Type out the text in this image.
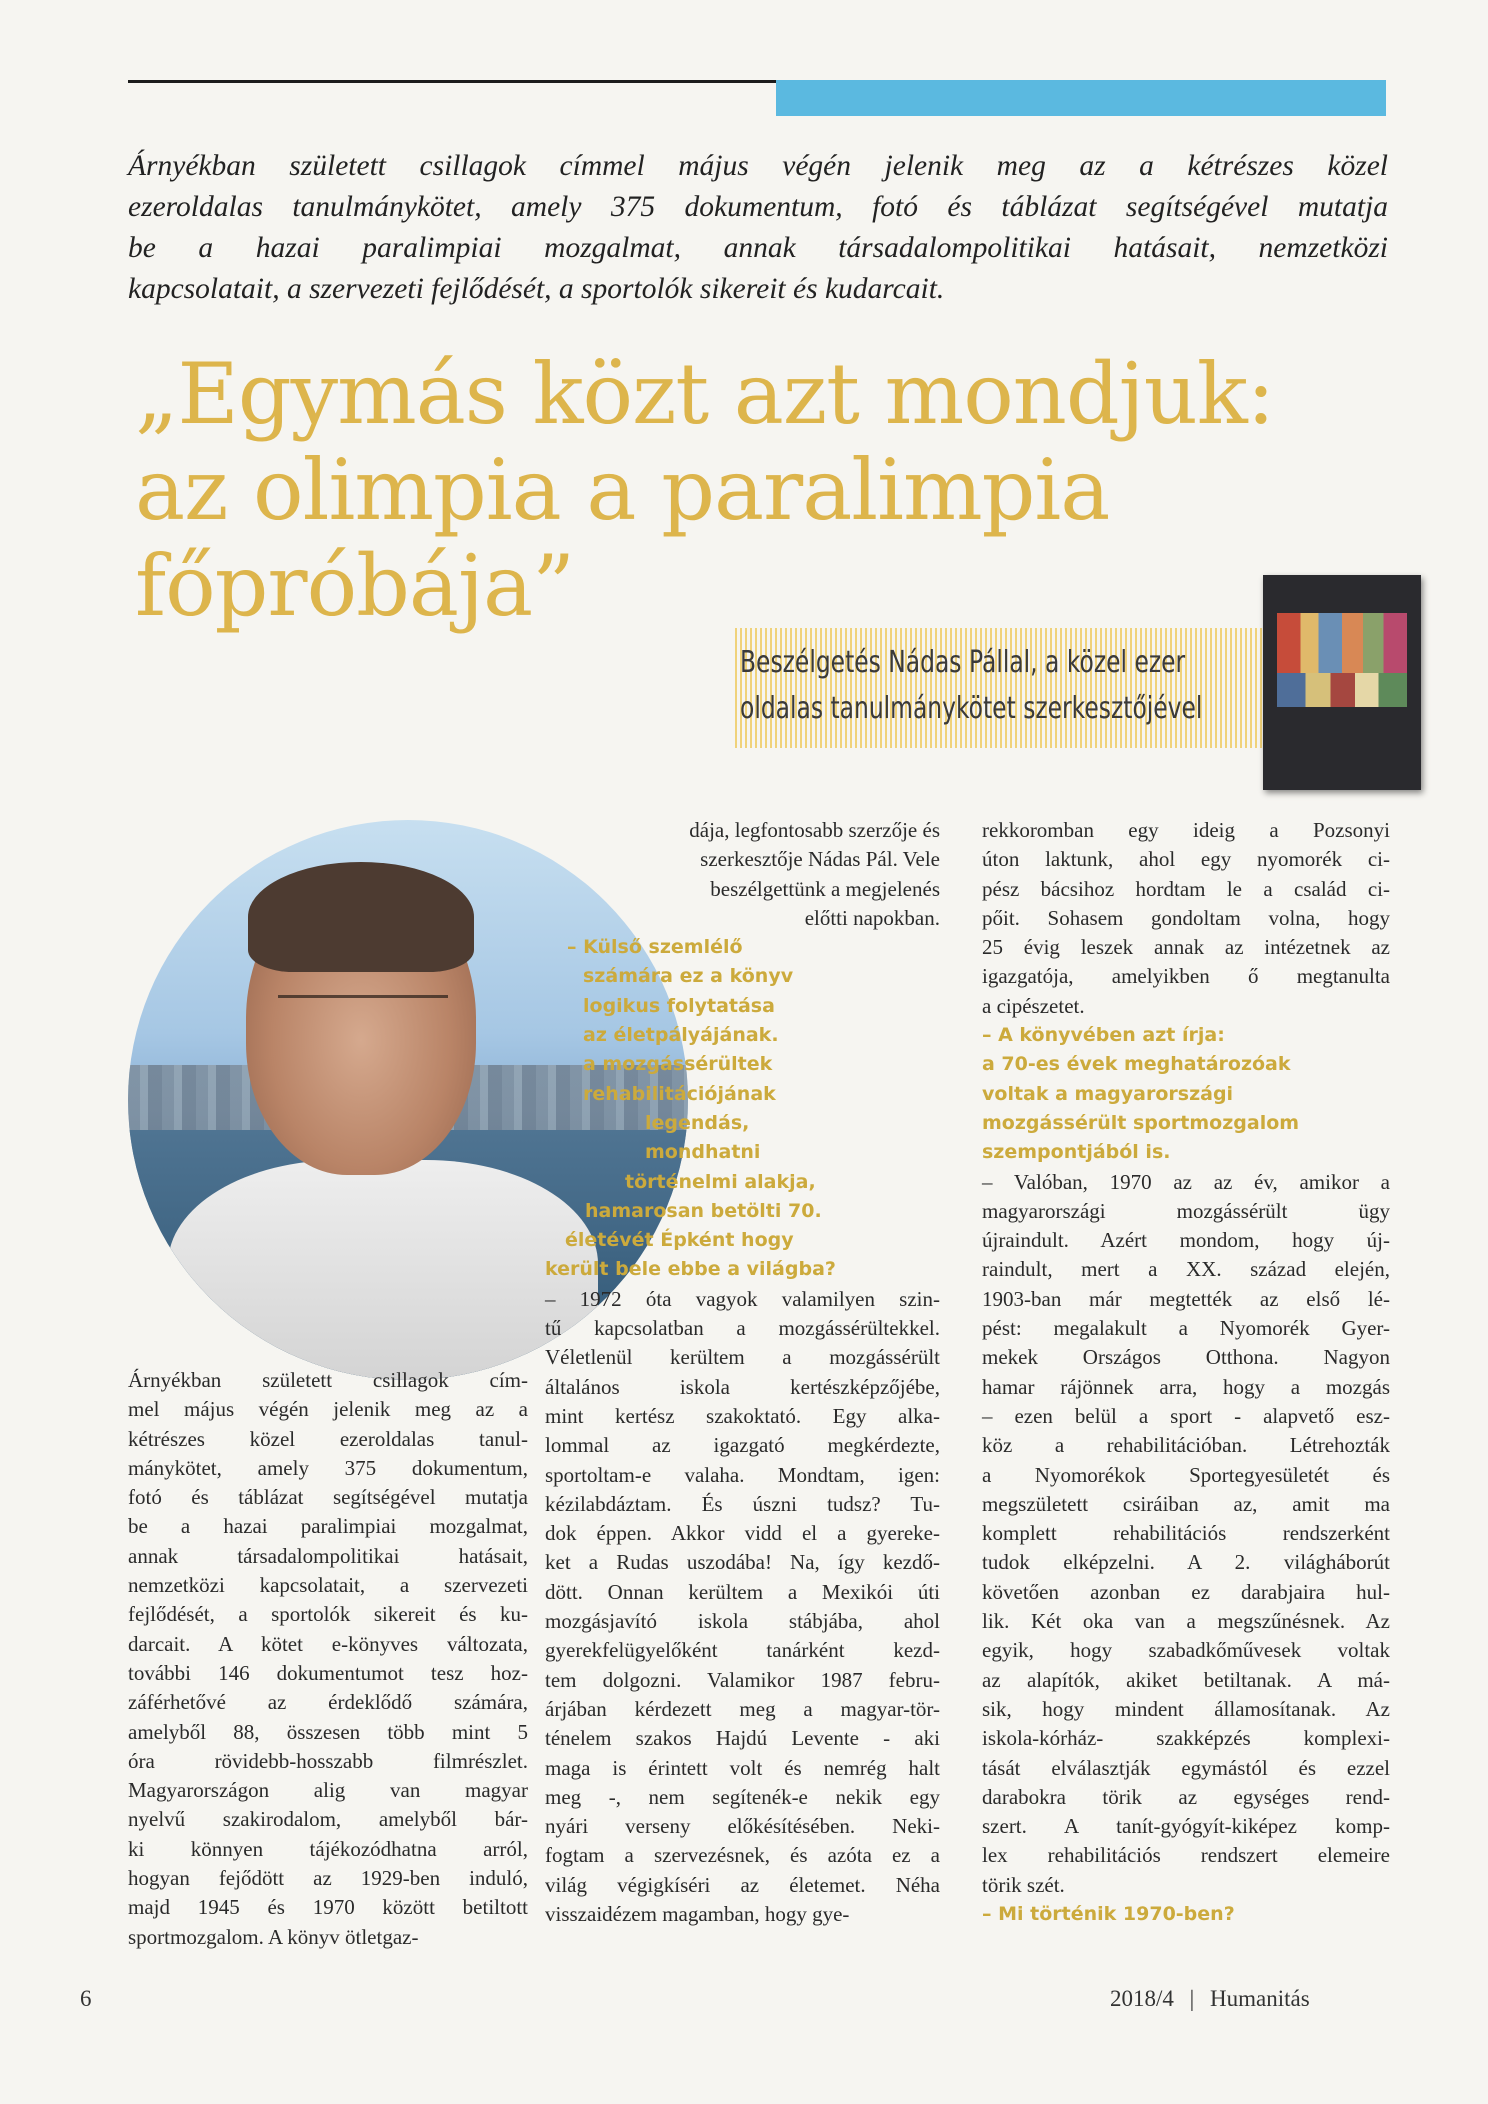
Árnyékban született csillagok címmel május végén jelenik meg az a kétrészes közel
ezeroldalas tanulmánykötet, amely 375 dokumentum, fotó és táblázat segítségével mutatja
be a hazai paralimpiai mozgalmat, annak társadalompolitikai hatásait, nemzetközi
kapcsolatait, a szervezeti fejlődését, a sportolók sikereit és kudarcait.

„Egymás közt azt mondjuk:
az olimpia a paralimpia
főpróbája”
Beszélgetés Nádas Pállal, a közel ezer
oldalas tanulmánykötet szerkesztőjével
Árnyékban született csillagok cím-
mel május végén jelenik meg az a
kétrészes közel ezeroldalas tanul-
mánykötet, amely 375 dokumentum,
fotó és táblázat segítségével mutatja
be a hazai paralimpiai mozgalmat,
annak társadalompolitikai hatásait,
nemzetközi kapcsolatait, a szervezeti
fejlődését, a sportolók sikereit és ku-
darcait. A kötet e-könyves változata,
további 146 dokumentumot tesz hoz-
záférhetővé az érdeklődő számára,
amelyből 88, összesen több mint 5
óra rövidebb-hosszabb filmrészlet.
Magyarországon alig van magyar
nyelvű szakirodalom, amelyből bár-
ki könnyen tájékozódhatna arról,
hogyan fejődött az 1929-ben induló,
majd 1945 és 1970 között betiltott
sportmozgalom. A könyv ötletgaz-
dája, legfontosabb szerzője és
szerkesztője Nádas Pál. Vele
beszélgettünk a megjelenés
előtti napokban.
– Külső szemlélő
számára ez a könyv
logikus folytatása
az életpályájának.
a mozgássérültek
rehabilitációjának
legendás,
mondhatni
történelmi alakja,
hamarosan betölti 70.
életévét Épként hogy
került bele ebbe a világba?
– 1972 óta vagyok valamilyen szin-
tű kapcsolatban a mozgássérültekkel.
Véletlenül kerültem a mozgássérült
általános iskola kertészképzőjébe,
mint kertész szakoktató. Egy alka-
lommal az igazgató megkérdezte,
sportoltam-e valaha. Mondtam, igen:
kézilabdáztam. És úszni tudsz? Tu-
dok éppen. Akkor vidd el a gyereke-
ket a Rudas uszodába! Na, így kezdő-
dött. Onnan kerültem a Mexikói úti
mozgásjavító iskola stábjába, ahol
gyerekfelügyelőként tanárként kezd-
tem dolgozni. Valamikor 1987 febru-
árjában kérdezett meg a magyar-tör-
ténelem szakos Hajdú Levente - aki
maga is érintett volt és nemrég halt
meg -, nem segítenék-e nekik egy
nyári verseny előkésítésében. Neki-
fogtam a szervezésnek, és azóta ez a
világ végigkíséri az életemet. Néha
visszaidézem magamban, hogy gye-
rekkoromban egy ideig a Pozsonyi
úton laktunk, ahol egy nyomorék ci-
pész bácsihoz hordtam le a család ci-
pőit. Sohasem gondoltam volna, hogy
25 évig leszek annak az intézetnek az
igazgatója, amelyikben ő megtanulta
a cipészetet.
– A könyvében azt írja:
a 70-es évek meghatározóak
voltak a magyarországi
mozgássérült sportmozgalom
szempontjából is.
– Valóban, 1970 az az év, amikor a
magyarországi mozgássérült ügy
újraindult. Azért mondom, hogy új-
raindult, mert a XX. század elején,
1903-ban már megtették az első lé-
pést: megalakult a Nyomorék Gyer-
mekek Országos Otthona. Nagyon
hamar rájönnek arra, hogy a mozgás
– ezen belül a sport - alapvető esz-
köz a rehabilitációban. Létrehozták
a Nyomorékok Sportegyesületét és
megszületett csiráiban az, amit ma
komplett rehabilitációs rendszerként
tudok elképzelni. A 2. világháborút
követően azonban ez darabjaira hul-
lik. Két oka van a megszűnésnek. Az
egyik, hogy szabadkőművesek voltak
az alapítók, akiket betiltanak. A má-
sik, hogy mindent államosítanak. Az
iskola-kórház- szakképzés komplexi-
tását elválasztják egymástól és ezzel
darabokra törik az egységes rend-
szert. A tanít-gyógyít-kiképez komp-
lex rehabilitációs rendszert elemeire
törik szét.
– Mi történik 1970-ben?
6	2018/4 | Humanitás
